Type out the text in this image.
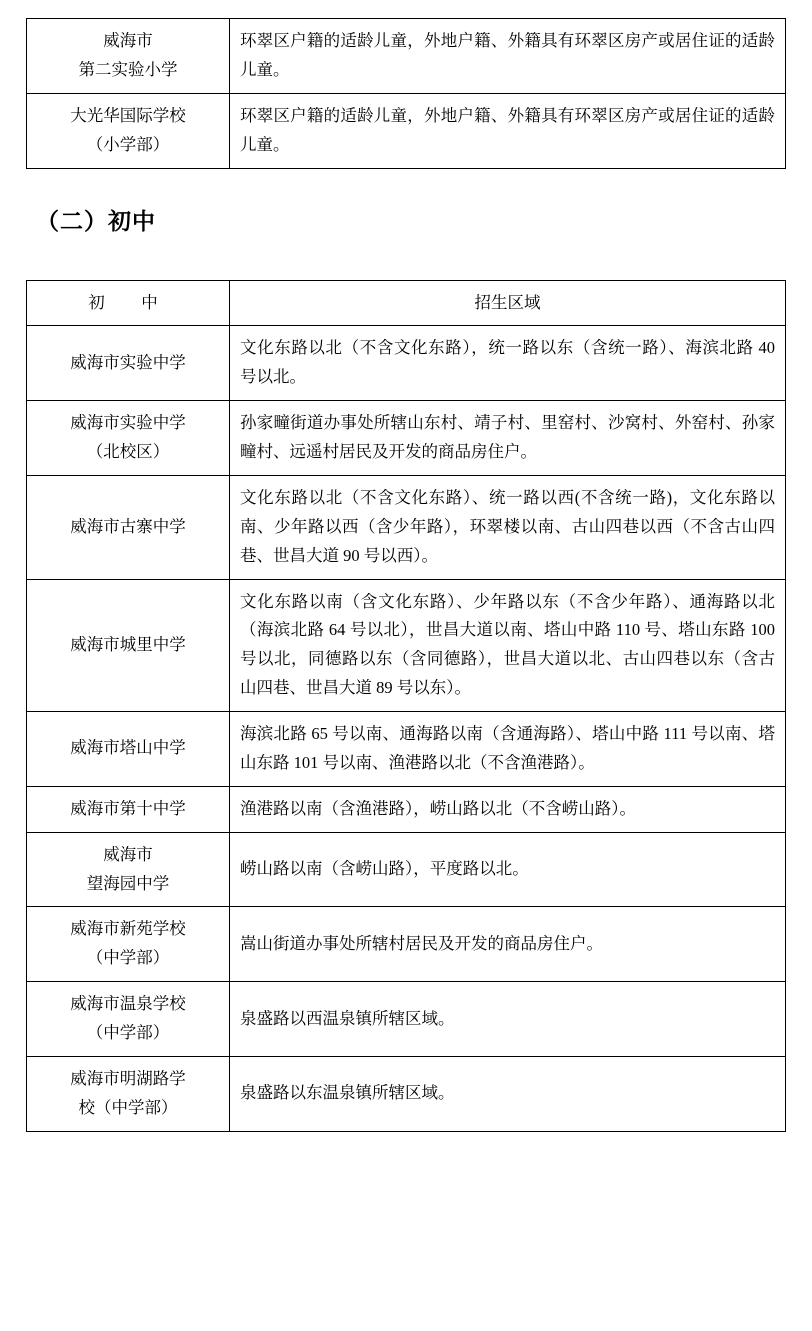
威海市
第二实验小学	环翠区户籍的适龄儿童，外地户籍、外籍具有环翠区房产或居住证的适龄儿童。

大光华国际学校
（小学部）	环翠区户籍的适龄儿童，外地户籍、外籍具有环翠区房产或居住证的适龄儿童。
（二）初中
初　中	招生区域

威海市实验中学	文化东路以北（不含文化东路），统一路以东（含统一路）、海滨北路 40 号以北。

威海市实验中学
（北校区）	孙家疃街道办事处所辖山东村、靖子村、里窑村、沙窝村、外窑村、孙家疃村、远遥村居民及开发的商品房住户。

威海市古寨中学	文化东路以北（不含文化东路）、统一路以西(不含统一路)，文化东路以南、少年路以西（含少年路），环翠楼以南、古山四巷以西（不含古山四巷、世昌大道 90 号以西）。

威海市城里中学	文化东路以南（含文化东路）、少年路以东（不含少年路）、通海路以北（海滨北路 64 号以北），世昌大道以南、塔山中路 110 号、塔山东路 100 号以北，同德路以东（含同德路），世昌大道以北、古山四巷以东（含古山四巷、世昌大道 89 号以东）。

威海市塔山中学	海滨北路 65 号以南、通海路以南（含通海路）、塔山中路 111 号以南、塔山东路 101 号以南、渔港路以北（不含渔港路）。

威海市第十中学	渔港路以南（含渔港路），崂山路以北（不含崂山路）。

威海市
望海园中学	崂山路以南（含崂山路），平度路以北。

威海市新苑学校
（中学部）	嵩山街道办事处所辖村居民及开发的商品房住户。

威海市温泉学校
（中学部）	泉盛路以西温泉镇所辖区域。

威海市明湖路学
校（中学部）	泉盛路以东温泉镇所辖区域。
